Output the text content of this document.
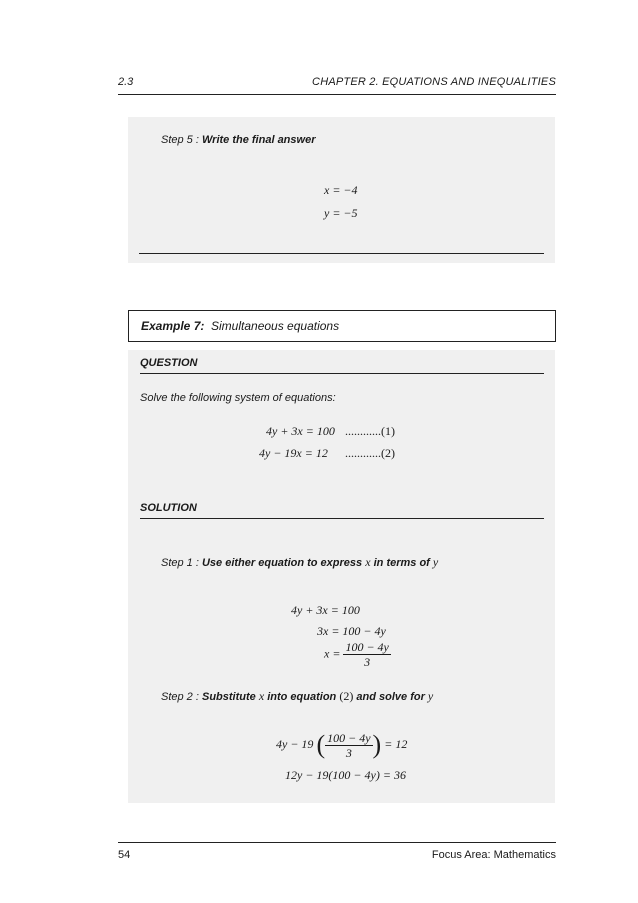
2.3	CHAPTER 2. EQUATIONS AND INEQUALITIES
Step 5 : Write the final answer
x = −4
y = −5
Example 7: Simultaneous equations
QUESTION
Solve the following system of equations:
4y + 3x = 100 ............(1)
4y − 19x = 12 ............(2)
SOLUTION
Step 1 : Use either equation to express x in terms of y
4y + 3x = 100
3x = 100 − 4y
$x = \frac{100 - 4y}{3}$
Step 2 : Substitute x into equation (2) and solve for y
4y − 19 ( $\frac{100 - 4y}{3}$ ) = 12
12y − 19(100 − 4y) = 36
54	Focus Area: Mathematics
